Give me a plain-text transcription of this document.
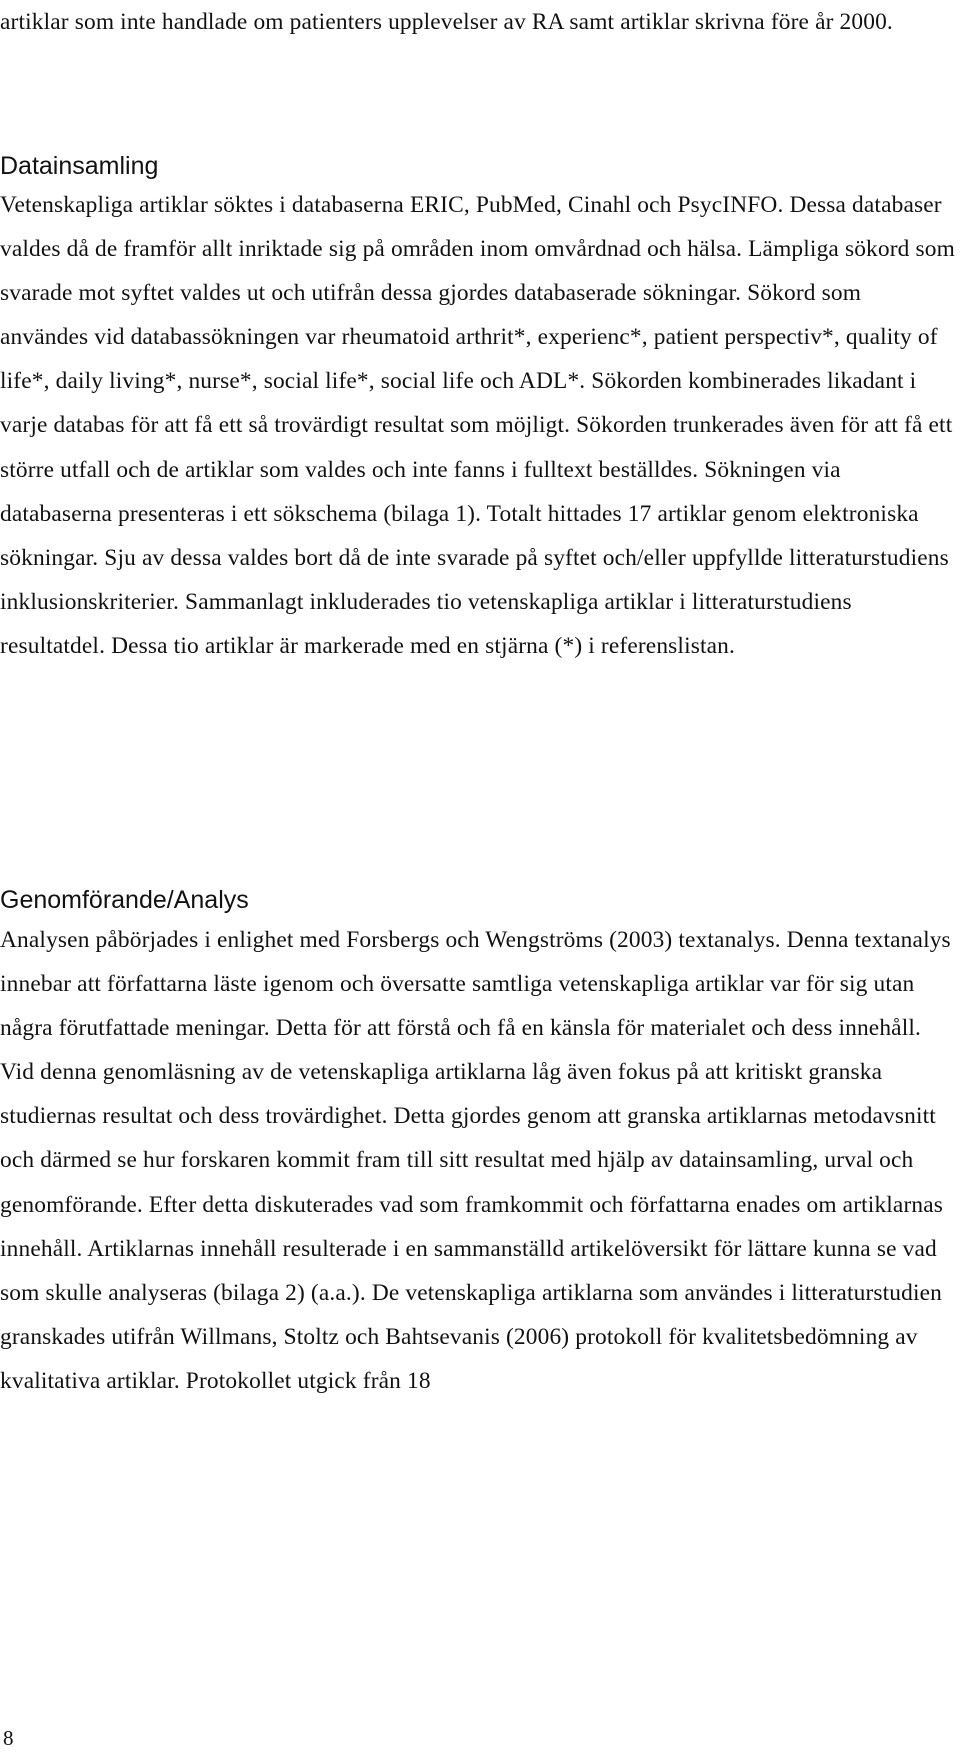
artiklar som inte handlade om patienters upplevelser av RA samt artiklar skrivna före år 2000.

Datainsamling

Vetenskapliga artiklar söktes i databaserna ERIC, PubMed, Cinahl och PsycINFO. Dessa databaser valdes då de framför allt inriktade sig på områden inom omvårdnad och hälsa. Lämpliga sökord som svarade mot syftet valdes ut och utifrån dessa gjordes databaserade sökningar. Sökord som användes vid databassökningen var rheumatoid arthrit*, experienc*, patient perspectiv*, quality of life*, daily living*, nurse*, social life*, social life och ADL*. Sökorden kombinerades likadant i varje databas för att få ett så trovärdigt resultat som möjligt. Sökorden trunkerades även för att få ett större utfall och de artiklar som valdes och inte fanns i fulltext beställdes. Sökningen via databaserna presenteras i ett sökschema (bilaga 1). Totalt hittades 17 artiklar genom elektroniska sökningar. Sju av dessa valdes bort då de inte svarade på syftet och/eller uppfyllde litteraturstudiens inklusionskriterier. Sammanlagt inkluderades tio vetenskapliga artiklar i litteraturstudiens resultatdel. Dessa tio artiklar är markerade med en stjärna (*) i referenslistan.

Genomförande/Analys

Analysen påbörjades i enlighet med Forsbergs och Wengströms (2003) textanalys. Denna textanalys innebar att författarna läste igenom och översatte samtliga vetenskapliga artiklar var för sig utan några förutfattade meningar. Detta för att förstå och få en känsla för materialet och dess innehåll. Vid denna genomläsning av de vetenskapliga artiklarna låg även fokus på att kritiskt granska studiernas resultat och dess trovärdighet. Detta gjordes genom att granska artiklarnas metodavsnitt och därmed se hur forskaren kommit fram till sitt resultat med hjälp av datainsamling, urval och genomförande. Efter detta diskuterades vad som framkommit och författarna enades om artiklarnas innehåll. Artiklarnas innehåll resulterade i en sammanställd artikelöversikt för lättare kunna se vad som skulle analyseras (bilaga 2) (a.a.). De vetenskapliga artiklarna som användes i litteraturstudien granskades utifrån Willmans, Stoltz och Bahtsevanis (2006) protokoll för kvalitetsbedömning av kvalitativa artiklar. Protokollet utgick från 18

8
